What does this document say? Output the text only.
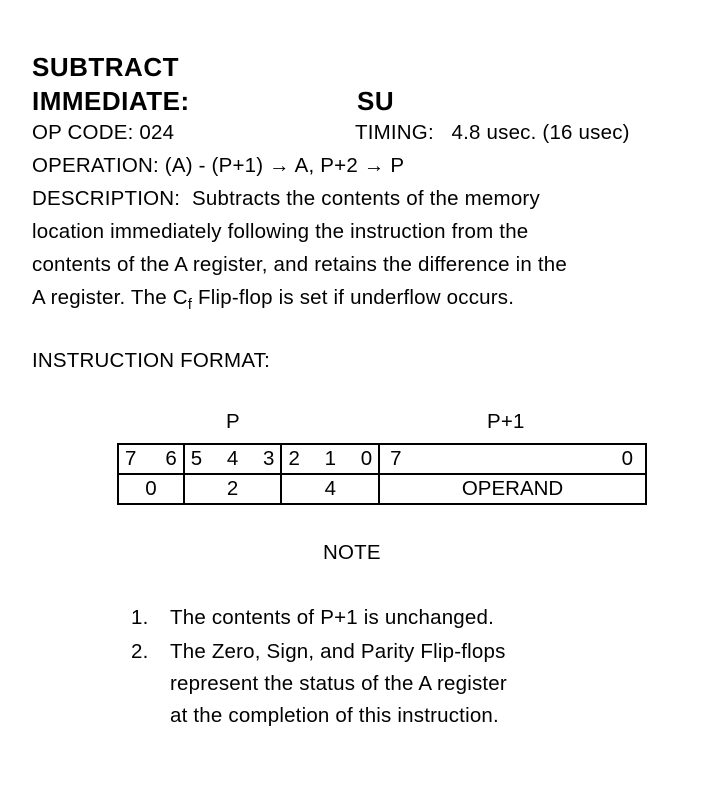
SUBTRACT
IMMEDIATE:	SU
OP CODE: 024	TIMING: 4.8 usec. (16 usec)
OPERATION: (A) - (P+1) → A, P+2 → P
DESCRIPTION: Subtracts the contents of the memory
location immediately following the instruction from the
contents of the A register, and retains the difference in the
A register. The $C_f$ Flip-flop is set if underflow occurs.
INSTRUCTION FORMAT:
P	P+1
7 6	5 4 3	2 1 0	7 0

0	2	4	OPERAND
NOTE
1. The contents of P+1 is unchanged.
2. The Zero, Sign, and Parity Flip-flops
represent the status of the A register
at the completion of this instruction.
